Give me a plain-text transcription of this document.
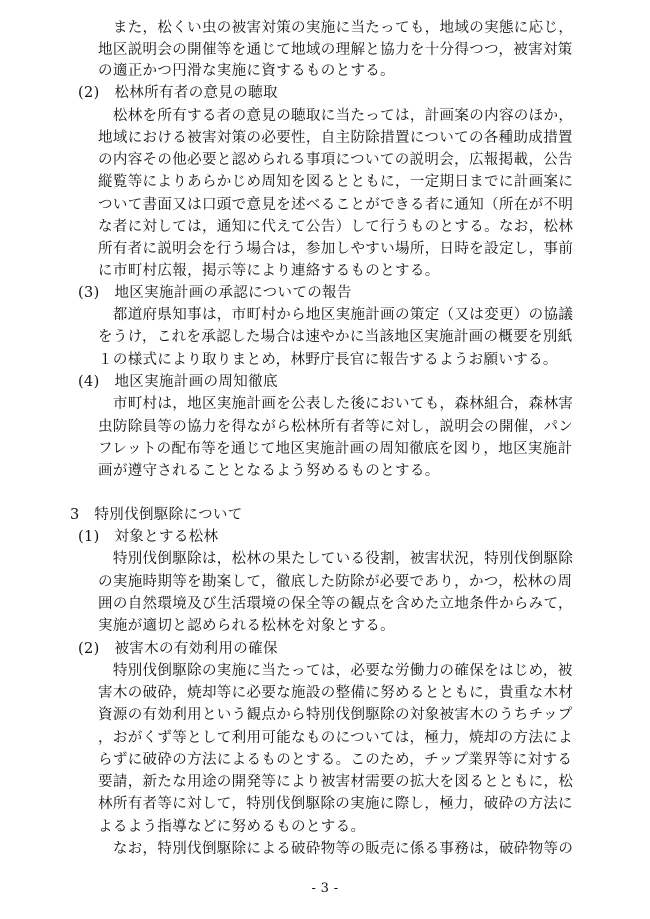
　また，松くい虫の被害対策の実施に当たっても，地域の実態に応じ，
地区説明会の開催等を通じて地域の理解と協力を十分得つつ，被害対策
の適正かつ円滑な実施に資するものとする。
(2)　松林所有者の意見の聴取
　松林を所有する者の意見の聴取に当たっては，計画案の内容のほか，
地域における被害対策の必要性，自主防除措置についての各種助成措置
の内容その他必要と認められる事項についての説明会，広報掲載，公告
縦覧等によりあらかじめ周知を図るとともに，一定期日までに計画案に
ついて書面又は口頭で意見を述べることができる者に通知（所在が不明
な者に対しては，通知に代えて公告）して行うものとする。なお，松林
所有者に説明会を行う場合は，参加しやすい場所，日時を設定し，事前
に市町村広報，掲示等により連絡するものとする。
(3)　地区実施計画の承認についての報告
　都道府県知事は，市町村から地区実施計画の策定（又は変更）の協議
をうけ，これを承認した場合は速やかに当該地区実施計画の概要を別紙
１の様式により取りまとめ，林野庁長官に報告するようお願いする。
(4)　地区実施計画の周知徹底
　市町村は，地区実施計画を公表した後においても，森林組合，森林害
虫防除員等の協力を得ながら松林所有者等に対し，説明会の開催，パン
フレットの配布等を通じて地区実施計画の周知徹底を図り，地区実施計
画が遵守されることとなるよう努めるものとする。
3　特別伐倒駆除について
(1)　対象とする松林
　特別伐倒駆除は，松林の果たしている役割，被害状況，特別伐倒駆除
の実施時期等を勘案して，徹底した防除が必要であり，かつ，松林の周
囲の自然環境及び生活環境の保全等の観点を含めた立地条件からみて，
実施が適切と認められる松林を対象とする。
(2)　被害木の有効利用の確保
　特別伐倒駆除の実施に当たっては，必要な労働力の確保をはじめ，被
害木の破砕，焼却等に必要な施設の整備に努めるとともに，貴重な木材
資源の有効利用という観点から特別伐倒駆除の対象被害木のうちチップ
，おがくず等として利用可能なものについては，極力，焼却の方法によ
らずに破砕の方法によるものとする。このため，チップ業界等に対する
要請，新たな用途の開発等により被害材需要の拡大を図るとともに，松
林所有者等に対して，特別伐倒駆除の実施に際し，極力，破砕の方法に
よるよう指導などに努めるものとする。
　なお，特別伐倒駆除による破砕物等の販売に係る事務は，破砕物等の
- 3 -
